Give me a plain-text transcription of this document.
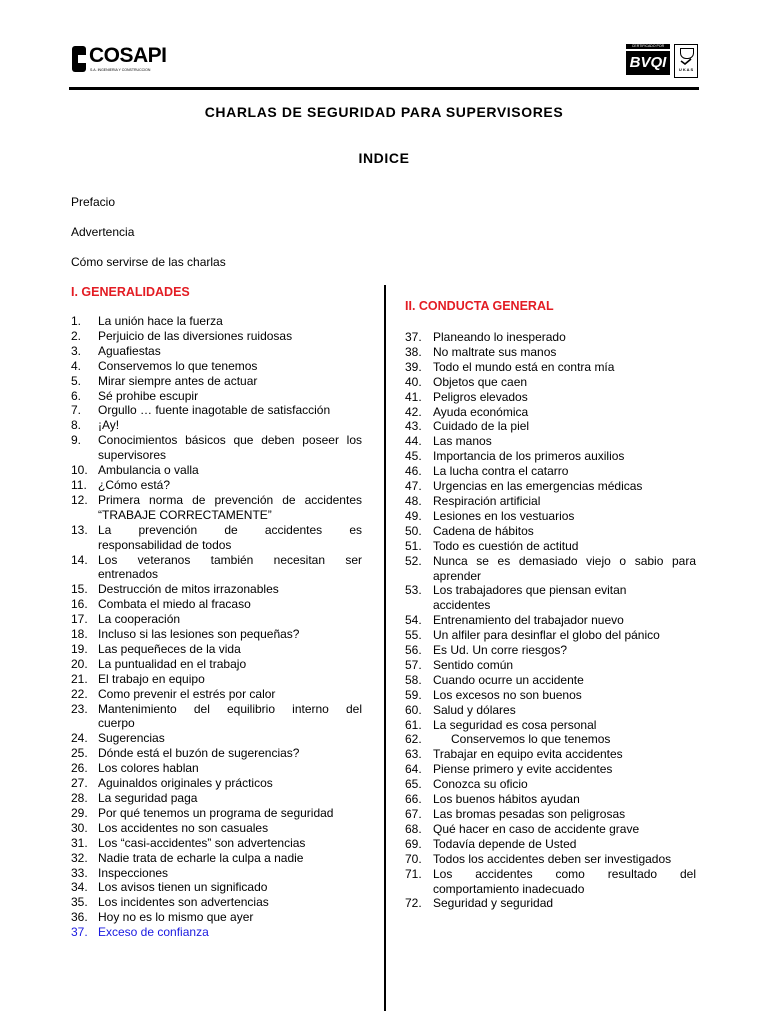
COSAPI
S.A. INGENIERIA Y CONSTRUCCION
CERTIFICADO POR
BVQI	U K A S
CHARLAS DE SEGURIDAD PARA SUPERVISORES
INDICE
Prefacio
Advertencia
Cómo servirse de las charlas
I. GENERALIDADES
II. CONDUCTA GENERAL
1.	La unión hace la fuerza
2.	Perjuicio de las diversiones ruidosas
3.	Aguafiestas
4.	Conservemos lo que tenemos
5.	Mirar siempre antes de actuar
6.	Sé prohibe escupir
7.	Orgullo … fuente inagotable de satisfacción
8.	¡Ay!
9.	Conocimientos básicos que deben poseer los
supervisores
10. Ambulancia o valla
11. ¿Cómo está?
12. Primera norma de prevención de accidentes
“TRABAJE CORRECTAMENTE”
13. La prevención de accidentes es
responsabilidad de todos
14. Los veteranos también necesitan ser
entrenados
15. Destrucción de mitos irrazonables
16. Combata el miedo al fracaso
17. La cooperación
18. Incluso si las lesiones son pequeñas?
19. Las pequeñeces de la vida
20. La puntualidad en el trabajo
21. El trabajo en equipo
22. Como prevenir el estrés por calor
23. Mantenimiento del equilibrio interno del
cuerpo
24. Sugerencias
25. Dónde está el buzón de sugerencias?
26. Los colores hablan
27. Aguinaldos originales y prácticos
28. La seguridad paga
29. Por qué tenemos un programa de seguridad
30. Los accidentes no son casuales
31. Los “casi-accidentes” son advertencias
32. Nadie trata de echarle la culpa a nadie
33. Inspecciones
34. Los avisos tienen un significado
35. Los incidentes son advertencias
36. Hoy no es lo mismo que ayer
37. Exceso de confianza
37. Planeando lo inesperado
38. No maltrate sus manos
39. Todo el mundo está en contra mía
40. Objetos que caen
41. Peligros elevados
42. Ayuda económica
43. Cuidado de la piel
44. Las manos
45. Importancia de los primeros auxilios
46. La lucha contra el catarro
47. Urgencias en las emergencias médicas
48. Respiración artificial
49. Lesiones en los vestuarios
50. Cadena de hábitos
51. Todo es cuestión de actitud
52. Nunca se es demasiado viejo o sabio para
aprender
53. Los trabajadores que piensan evitan
accidentes
54. Entrenamiento del trabajador nuevo
55. Un alfiler para desinflar el globo del pánico
56. Es Ud. Un corre riesgos?
57. Sentido común
58. Cuando ocurre un accidente
59. Los excesos no son buenos
60. Salud y dólares
61. La seguridad es cosa personal
62.	Conservemos lo que tenemos
63. Trabajar en equipo evita accidentes
64. Piense primero y evite accidentes
65. Conozca su oficio
66. Los buenos hábitos ayudan
67. Las bromas pesadas son peligrosas
68. Qué hacer en caso de accidente grave
69. Todavía depende de Usted
70. Todos los accidentes deben ser investigados
71. Los accidentes como resultado del
comportamiento inadecuado
72. Seguridad y seguridad
